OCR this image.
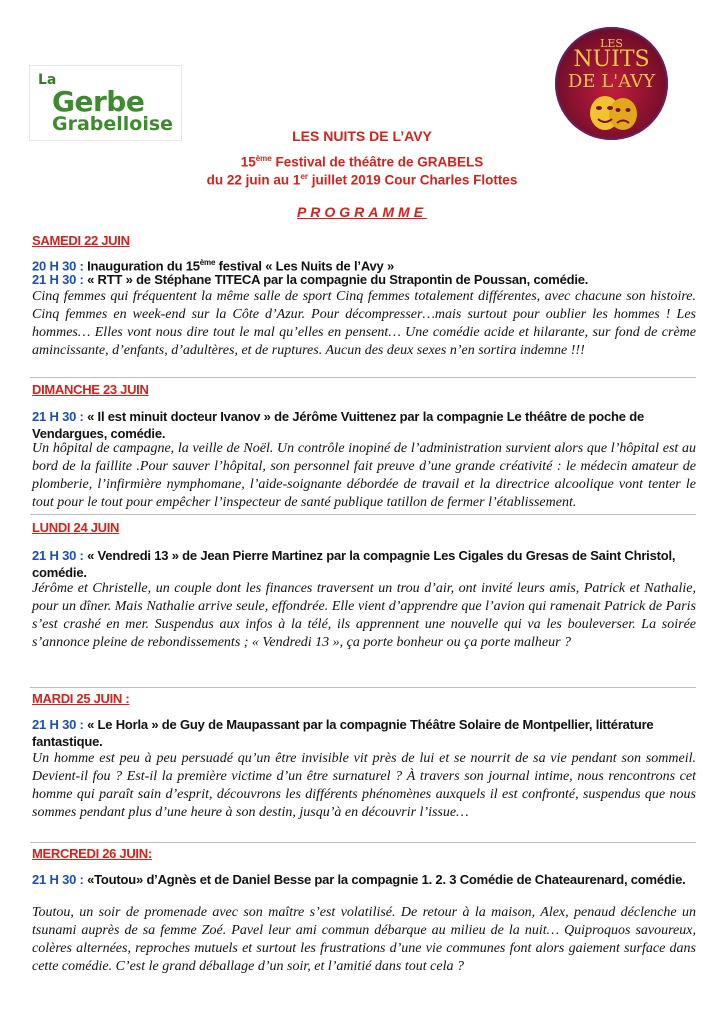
La
Gerbe
Grabelloise
LES
NUITS
DE L'AVY
LES NUITS DE L’AVY
15ème Festival de théâtre de GRABELS
du 22 juin au 1er juillet 2019 Cour Charles Flottes
PROGRAMME
SAMEDI 22 JUIN
20 H 30 : Inauguration du 15ème festival « Les Nuits de l’Avy »
21 H 30 : « RTT » de Stéphane TITECA par la compagnie du Strapontin de Poussan, comédie.
Cinq femmes qui fréquentent la même salle de sport Cinq femmes totalement différentes, avec chacune son histoire. Cinq femmes en week-end sur la Côte d’Azur. Pour décompresser…mais surtout pour oublier les hommes ! Les hommes… Elles vont nous dire tout le mal qu’elles en pensent… Une comédie acide et hilarante, sur fond de crème amincissante, d’enfants, d’adultères, et de ruptures. Aucun des deux sexes n’en sortira indemne !!!
DIMANCHE 23 JUIN
21 H 30 : « Il est minuit docteur Ivanov » de Jérôme Vuittenez par la compagnie Le théâtre de poche de Vendargues, comédie.
Un hôpital de campagne, la veille de Noël. Un contrôle inopiné de l’administration survient alors que l’hôpital est au bord de la faillite .Pour sauver l’hôpital, son personnel fait preuve d’une grande créativité : le médecin amateur de plomberie, l’infirmière nymphomane, l’aide-soignante débordée de travail et la directrice alcoolique vont tenter le tout pour le tout pour empêcher l’inspecteur de santé publique tatillon de fermer l’établissement.
LUNDI 24 JUIN
21 H 30 : « Vendredi 13 » de Jean Pierre Martinez par la compagnie Les Cigales du Gresas de Saint Christol, comédie.
Jérôme et Christelle, un couple dont les finances traversent un trou d’air, ont invité leurs amis, Patrick et Nathalie, pour un dîner. Mais Nathalie arrive seule, effondrée. Elle vient d’apprendre que l’avion qui ramenait Patrick de Paris s’est crashé en mer. Suspendus aux infos à la télé, ils apprennent une nouvelle qui va les bouleverser. La soirée s’annonce pleine de rebondissements ; « Vendredi 13 », ça porte bonheur ou ça porte malheur ?
MARDI 25 JUIN :
21 H 30 : « Le Horla » de Guy de Maupassant par la compagnie Théâtre Solaire de Montpellier, littérature fantastique.
Un homme est peu à peu persuadé qu’un être invisible vit près de lui et se nourrit de sa vie pendant son sommeil. Devient-il fou ? Est-il la première victime d’un être surnaturel ? À travers son journal intime, nous rencontrons cet homme qui paraît sain d’esprit, découvrons les différents phénomènes auxquels il est confronté, suspendus que nous sommes pendant plus d’une heure à son destin, jusqu’à en découvrir l’issue…
MERCREDI 26 JUIN:
21 H 30 : «Toutou» d’Agnès et de Daniel Besse par la compagnie 1. 2. 3 Comédie de Chateaurenard, comédie.
Toutou, un soir de promenade avec son maître s’est volatilisé. De retour à la maison, Alex, penaud déclenche un tsunami auprès de sa femme Zoé. Pavel leur ami commun débarque au milieu de la nuit… Quiproquos savoureux, colères alternées, reproches mutuels et surtout les frustrations d’une vie communes font alors gaiement surface dans cette comédie. C’est le grand déballage d’un soir, et l’amitié dans tout cela ?
